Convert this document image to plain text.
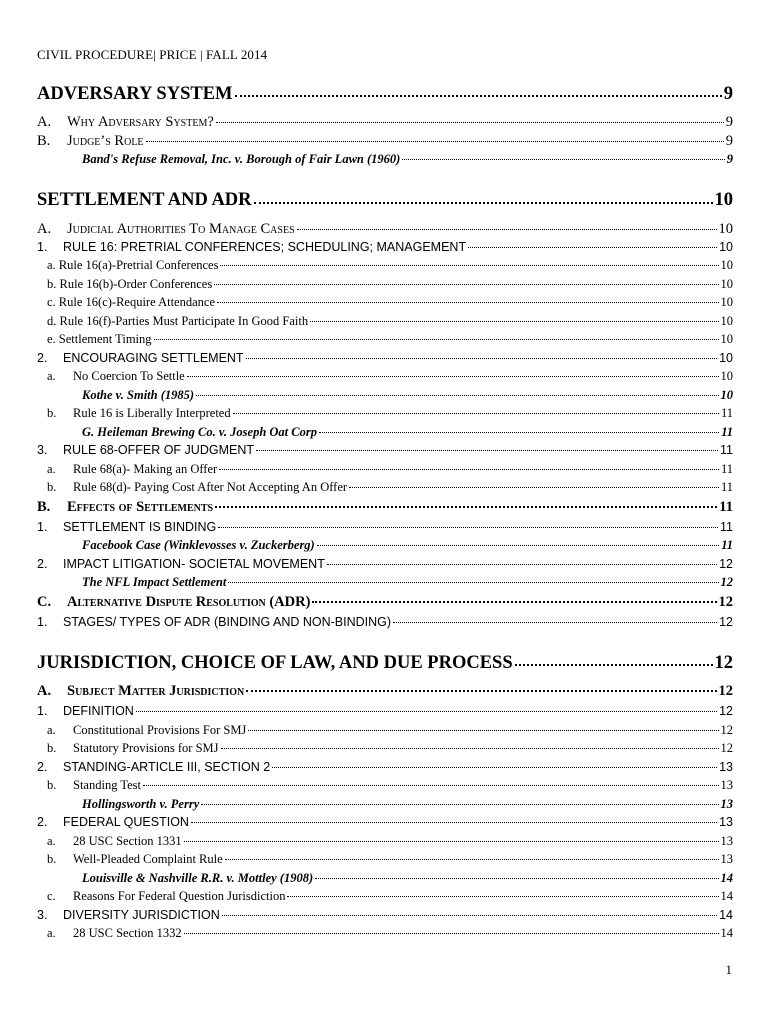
CIVIL PROCEDURE| PRICE | FALL 2014
ADVERSARY SYSTEM	9
A. Why Adversary System?	9
B. Judge’s Role	9
Band's Refuse Removal, Inc. v. Borough of Fair Lawn (1960)	9
SETTLEMENT AND ADR	10
A. Judicial Authorities To Manage Cases	10
1. RULE 16: PRETRIAL CONFERENCES; SCHEDULING; MANAGEMENT	10
a. Rule 16(a)-Pretrial Conferences	10
b. Rule 16(b)-Order Conferences	10
c. Rule 16(c)-Require Attendance	10
d. Rule 16(f)-Parties Must Participate In Good Faith	10
e. Settlement Timing	10
2. ENCOURAGING SETTLEMENT	10
a. No Coercion To Settle	10
Kothe v. Smith (1985)	10
b. Rule 16 is Liberally Interpreted	11
G. Heileman Brewing Co. v. Joseph Oat Corp	11
3. RULE 68-OFFER OF JUDGMENT	11
a. Rule 68(a)- Making an Offer	11
b. Rule 68(d)- Paying Cost After Not Accepting An Offer	11
B. Effects of Settlements	11
1. SETTLEMENT IS BINDING	11
Facebook Case (Winklevosses v. Zuckerberg)	11
2. IMPACT LITIGATION- SOCIETAL MOVEMENT	12
The NFL Impact Settlement	12
C. Alternative Dispute Resolution (ADR)	12
1. STAGES/ TYPES OF ADR (BINDING AND NON-BINDING)	12
JURISDICTION, CHOICE OF LAW, AND DUE PROCESS	12
A. Subject Matter Jurisdiction	12
1. DEFINITION	12
a. Constitutional Provisions For SMJ	12
b. Statutory Provisions for SMJ	12
2. STANDING-ARTICLE III, SECTION 2	13
b. Standing Test	13
Hollingsworth v. Perry	13
2. FEDERAL QUESTION	13
a. 28 USC Section 1331	13
b. Well-Pleaded Complaint Rule	13
Louisville & Nashville R.R. v. Mottley (1908)	14
c. Reasons For Federal Question Jurisdiction	14
3. DIVERSITY JURISDICTION	14
a. 28 USC Section 1332	14
1
